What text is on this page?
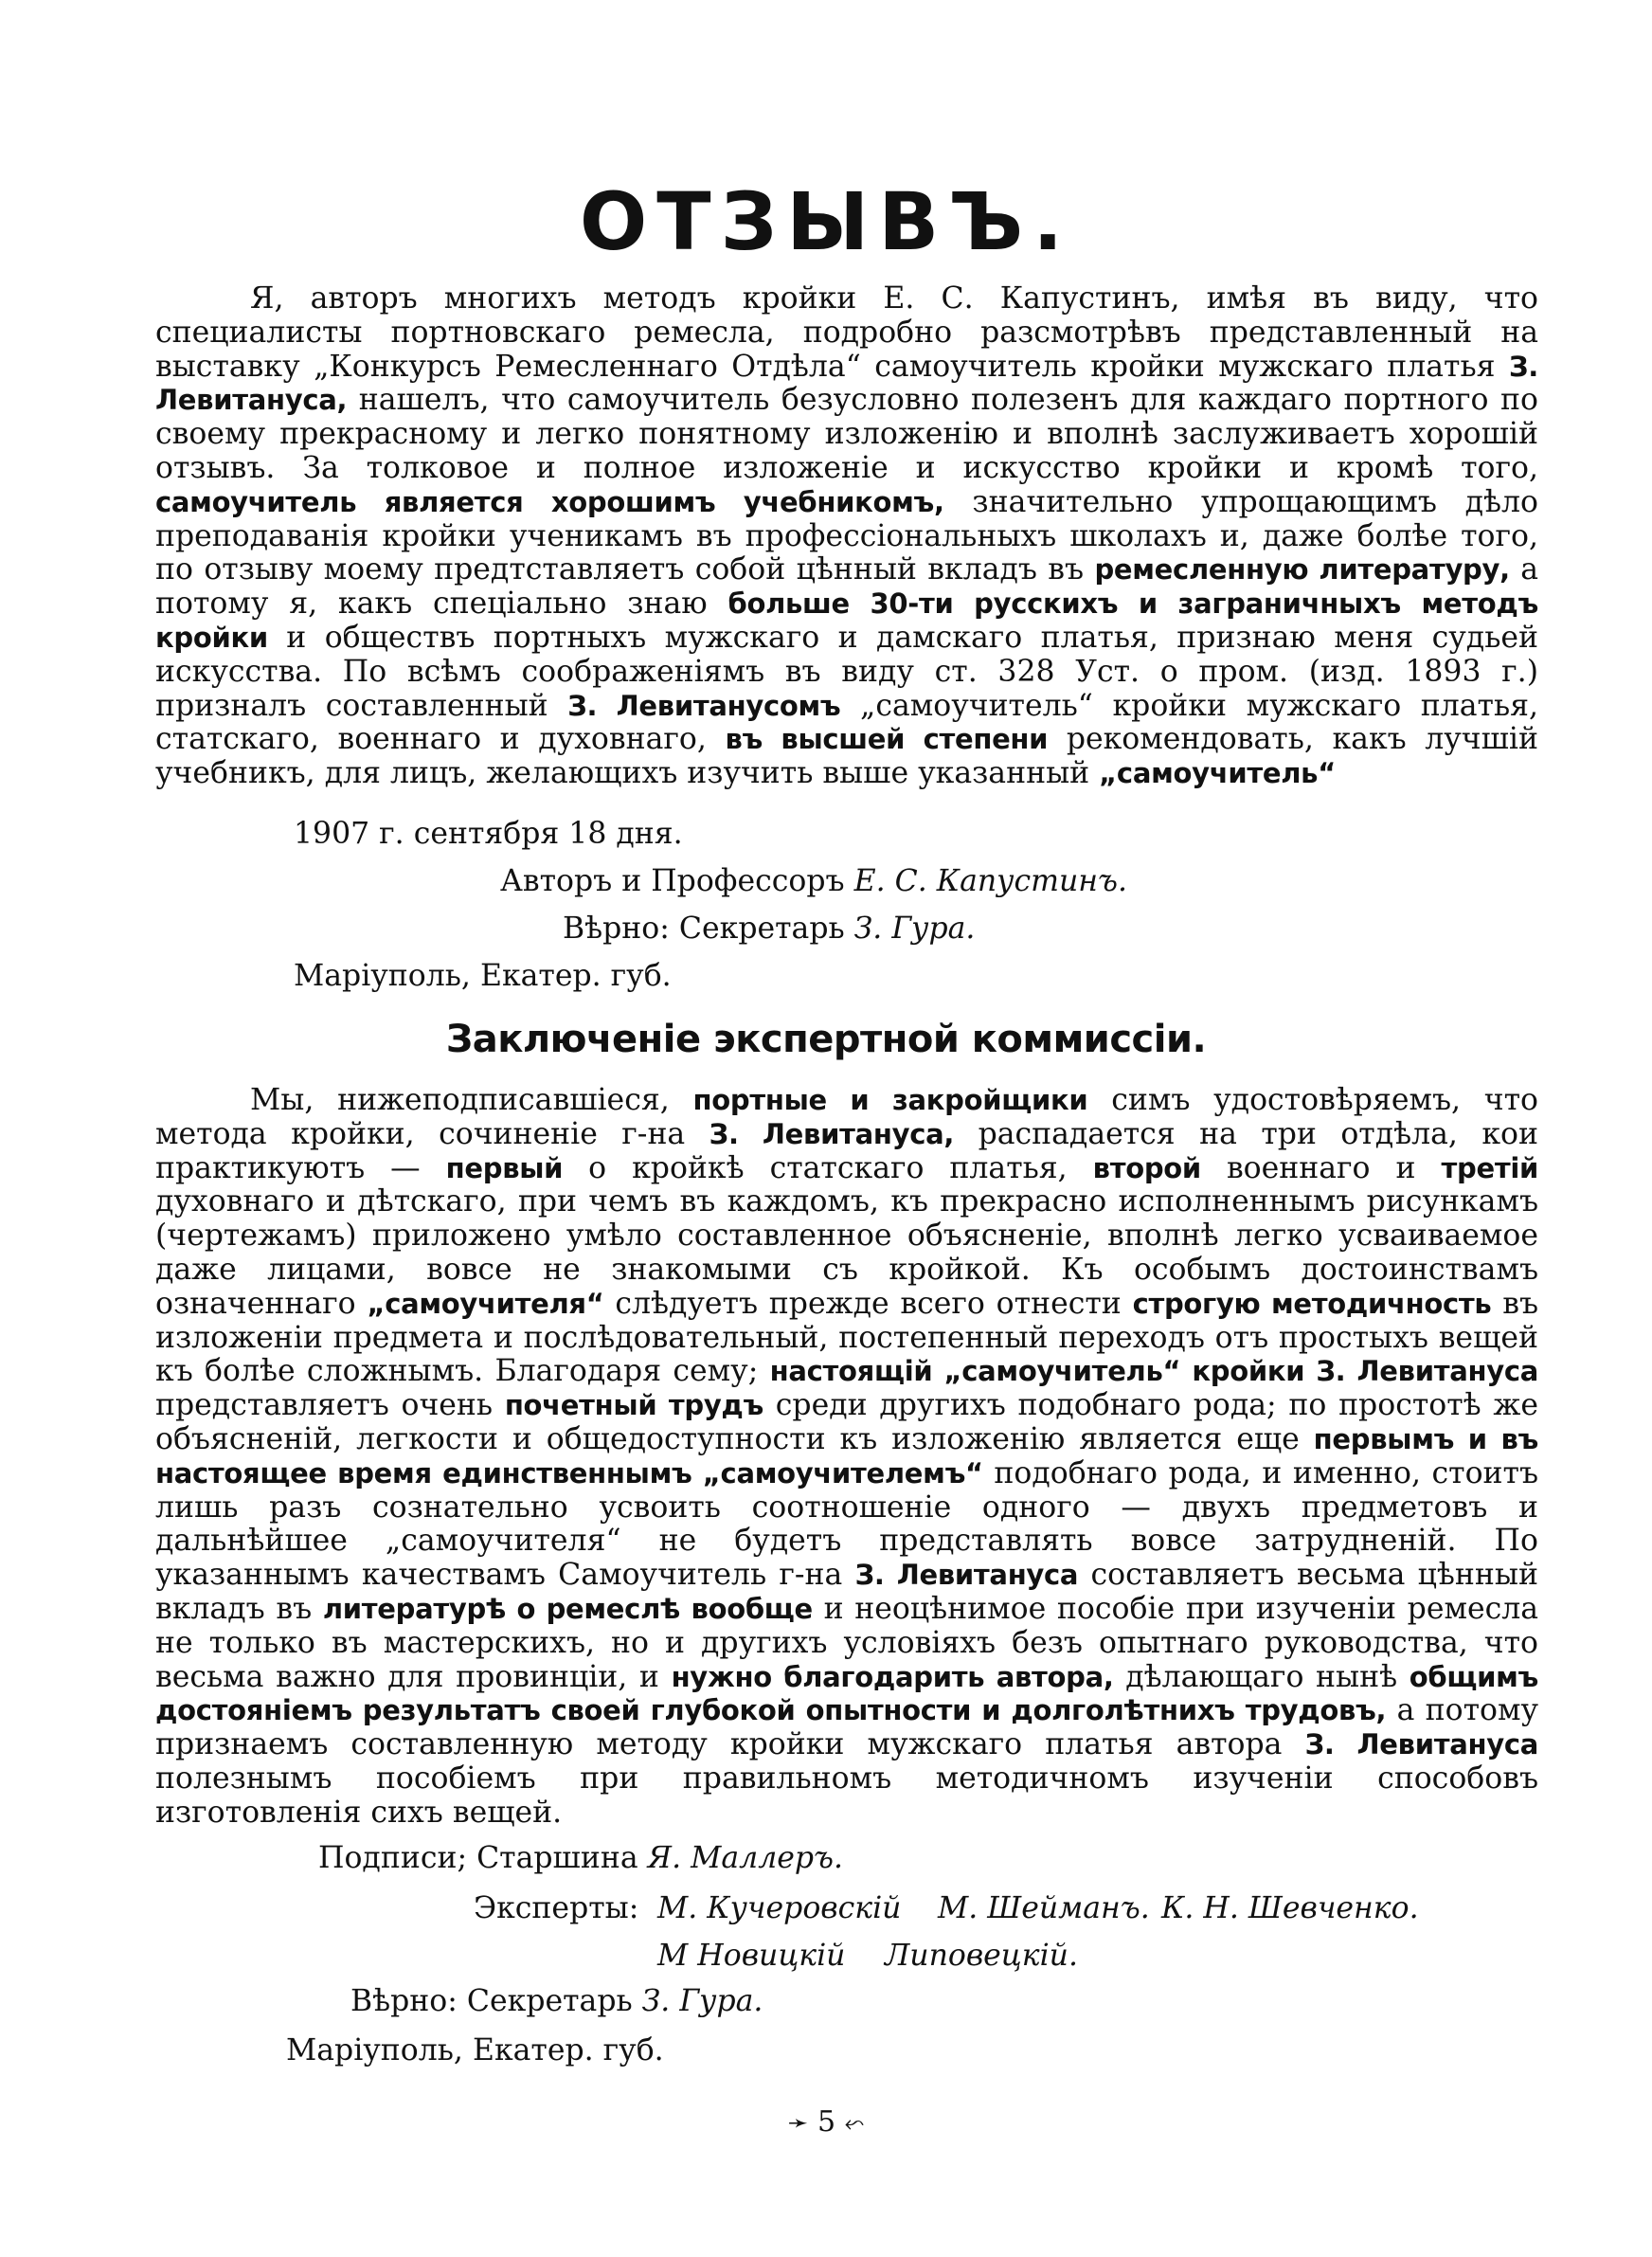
ОТЗЫВЪ.

Я, авторъ многихъ методъ кройки Е. С. Капустинъ, имѣя въ виду, что специалисты портновскаго ремесла, подробно разсмотрѣвъ представленный на выставку „Конкурсъ Ремесленнаго Отдѣла“ самоучитель кройки мужскаго платья З. Левитануса, нашелъ, что самоучитель безусловно полезенъ для каждаго портного по своему прекрасному и легко понятному изложенію и вполнѣ заслуживаетъ хорошій отзывъ. За толковое и полное изложеніе и искусство кройки и кромѣ того, самоучитель является хорошимъ учебникомъ, значительно упрощающимъ дѣло преподаванія кройки ученикамъ въ профессіональныхъ школахъ и, даже болѣе того, по отзыву моему предтставляетъ собой цѣнный вкладъ въ ремесленную литературу, а потому я, какъ спеціально знаю больше 30-ти русскихъ и заграничныхъ методъ кройки и обществъ портныхъ мужскаго и дамскаго платья, признаю меня судьей искусства. По всѣмъ соображеніямъ въ виду ст. 328 Уст. о пром. (изд. 1893 г.) призналъ составленный З. Левитанусомъ „самоучитель“ кройки мужскаго платья, статскаго, военнаго и духовнаго, въ высшей степени рекомендовать, какъ лучшій учебникъ, для лицъ, желающихъ изучить выше указанный „самоучитель“

1907 г. сентября 18 дня.

Авторъ и Профессоръ Е. С. Капустинъ.

Вѣрно: Секретарь З. Гура.

Маріуполь, Екатер. губ.

Заключеніе экспертной коммиссіи.

Мы, нижеподписавшіеся, портные и закройщики симъ удостовѣряемъ, что метода кройки, сочиненіе г-на З. Левитануса, распадается на три отдѣла, кои практикуютъ — первый о кройкѣ статскаго платья, второй военнаго и третій духовнаго и дѣтскаго, при чемъ въ каждомъ, къ прекрасно исполненнымъ рисункамъ (чертежамъ) приложено умѣло составленное объясненіе, вполнѣ легко усваиваемое даже лицами, вовсе не знакомыми съ кройкой. Къ особымъ достоинствамъ означеннаго „самоучителя“ слѣдуетъ прежде всего отнести строгую методичность въ изложеніи предмета и послѣдовательный, постепенный переходъ отъ простыхъ вещей къ болѣе сложнымъ. Благодаря сему; настоящій „самоучитель“ кройки З. Левитануса представляетъ очень почетный трудъ среди другихъ подобнаго рода; по простотѣ же объясненій, легкости и общедоступности къ изложенію является еще первымъ и въ настоящее время единственнымъ „самоучителемъ“ подобнаго рода, и именно, стоитъ лишь разъ сознательно усвоить соотношеніе одного — двухъ предметовъ и дальнѣйшее „самоучителя“ не будетъ представлять вовсе затрудненій. По указаннымъ качествамъ Самоучитель г-на З. Левитануса составляетъ весьма цѣнный вкладъ въ литературѣ о ремеслѣ вообще и неоцѣнимое пособіе при изученіи ремесла не только въ мастерскихъ, но и другихъ условіяхъ безъ опытнаго руководства, что весьма важно для провинціи, и нужно благодарить автора, дѣлающаго нынѣ общимъ достояніемъ результатъ своей глубокой опытности и долголѣтнихъ трудовъ, а потому признаемъ составленную методу кройки мужскаго платья автора З. Левитануса полезнымъ пособіемъ при правильномъ методичномъ изученіи способовъ изготовленія сихъ вещей.

Подписи; Старшина Я. Маллеръ.

Эксперты: М. Кучеровскій М. Шейманъ. К. Н. Шевченко.
М Новицкій Липовецкій.

Вѣрно: Секретарь З. Гура.

Маріуполь, Екатер. губ.

➛ 5 ⬿
